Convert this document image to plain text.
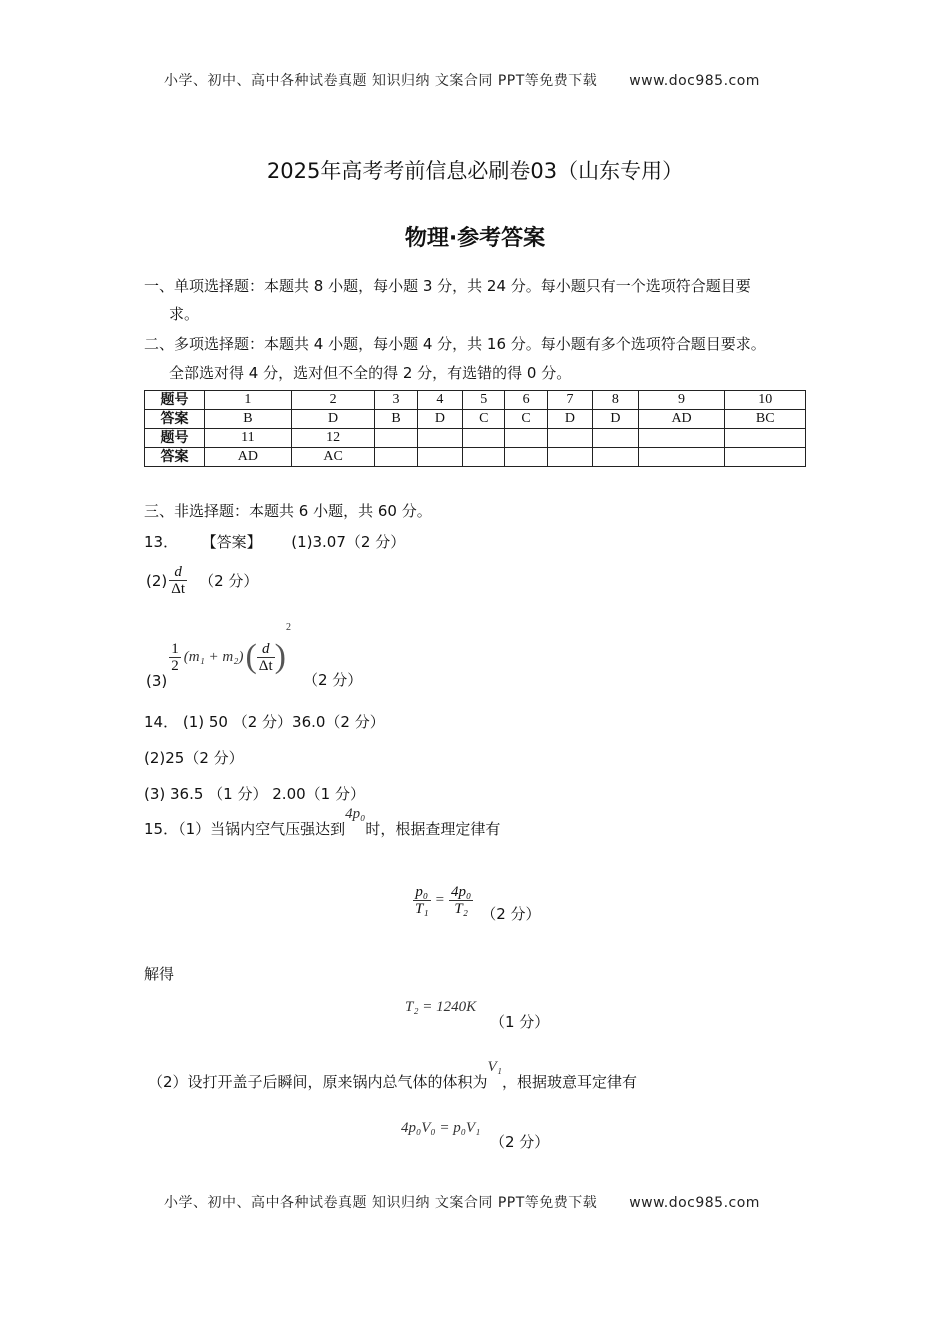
小学、初中、高中各种试卷真题 知识归纳 文案合同 PPT等免费下载 www.doc985.com
2025年高考考前信息必刷卷03（山东专用）
物理·参考答案
一、单项选择题：本题共 8 小题，每小题 3 分，共 24 分。每小题只有一个选项符合题目要
求。
二、多项选择题：本题共 4 小题，每小题 4 分，共 16 分。每小题有多个选项符合题目要求。
全部选对得 4 分，选对但不全的得 2 分，有选错的得 0 分。
题号	1	2	3	4	5	6	7	8	9	10
答案	B	D	B	D	C	C	D	D	AD	BC
题号	11	12								
答案	AD	AC								
三、非选择题：本题共 6 小题，共 60 分。
13． 【答案】 (1)3.07（2 分）
$(2) \frac{d}{\Delta t} (2$ 分）
(3)
$\frac{1}{2} (m_1 + m_2)$ ( $\frac{d}{\Delta t}$ )
2
（2 分）
14． (1) 50 （2 分）36.0（2 分）
(2)25（2 分）
(3) 36.5 （1 分） 2.00（1 分）
15．（1）当锅内空气压强达到
4p₀
时，根据查理定律有
$\frac{\text{p₀}}{\text{T₁}} = \frac{\text{4p₀}}{\text{T₂}} (2$ 分）
解得
T₂ = 1240K
（1 分）
（2）设打开盖子后瞬间，原来锅内总气体的体积为V₁，根据玻意耳定律有
4p₀V₀ = p₀V₁
（2 分）
小学、初中、高中各种试卷真题 知识归纳 文案合同 PPT等免费下载 www.doc985.com
